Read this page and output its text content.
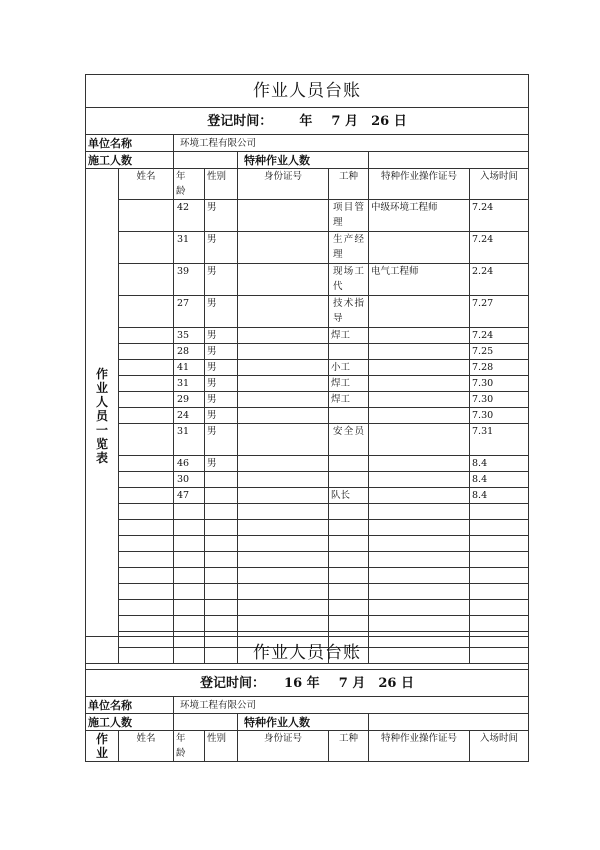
作业人员台账							
登记时间： 年 7 月 26 日							
单位名称		环境工程有限公司					
施工人数				特种作业人数			
作业人员一览表	姓名	年龄	性别	身份证号	工种	特种作业操作证号	入场时间
		42	男		项目管理	中级环境工程师	7.24
		31	男		生产经理		7.24
		39	男		现场工代	电气工程师	2.24
		27	男		技术指导		7.27
		35	男		焊工		7.24
		28	男				7.25
		41	男		小工		7.28
		31	男		焊工		7.30
		29	男		焊工		7.30
		24	男				7.30
		31	男		安全员		7.31
		46	男				8.4
		30					8.4
		47			队长		8.4

作业人员台账							
登记时间： 16 年 7 月 26 日							
单位名称		环境工程有限公司					
施工人数				特种作业人数			
作业	姓名	年龄	性别	身份证号	工种	特种作业操作证号	入场时间
